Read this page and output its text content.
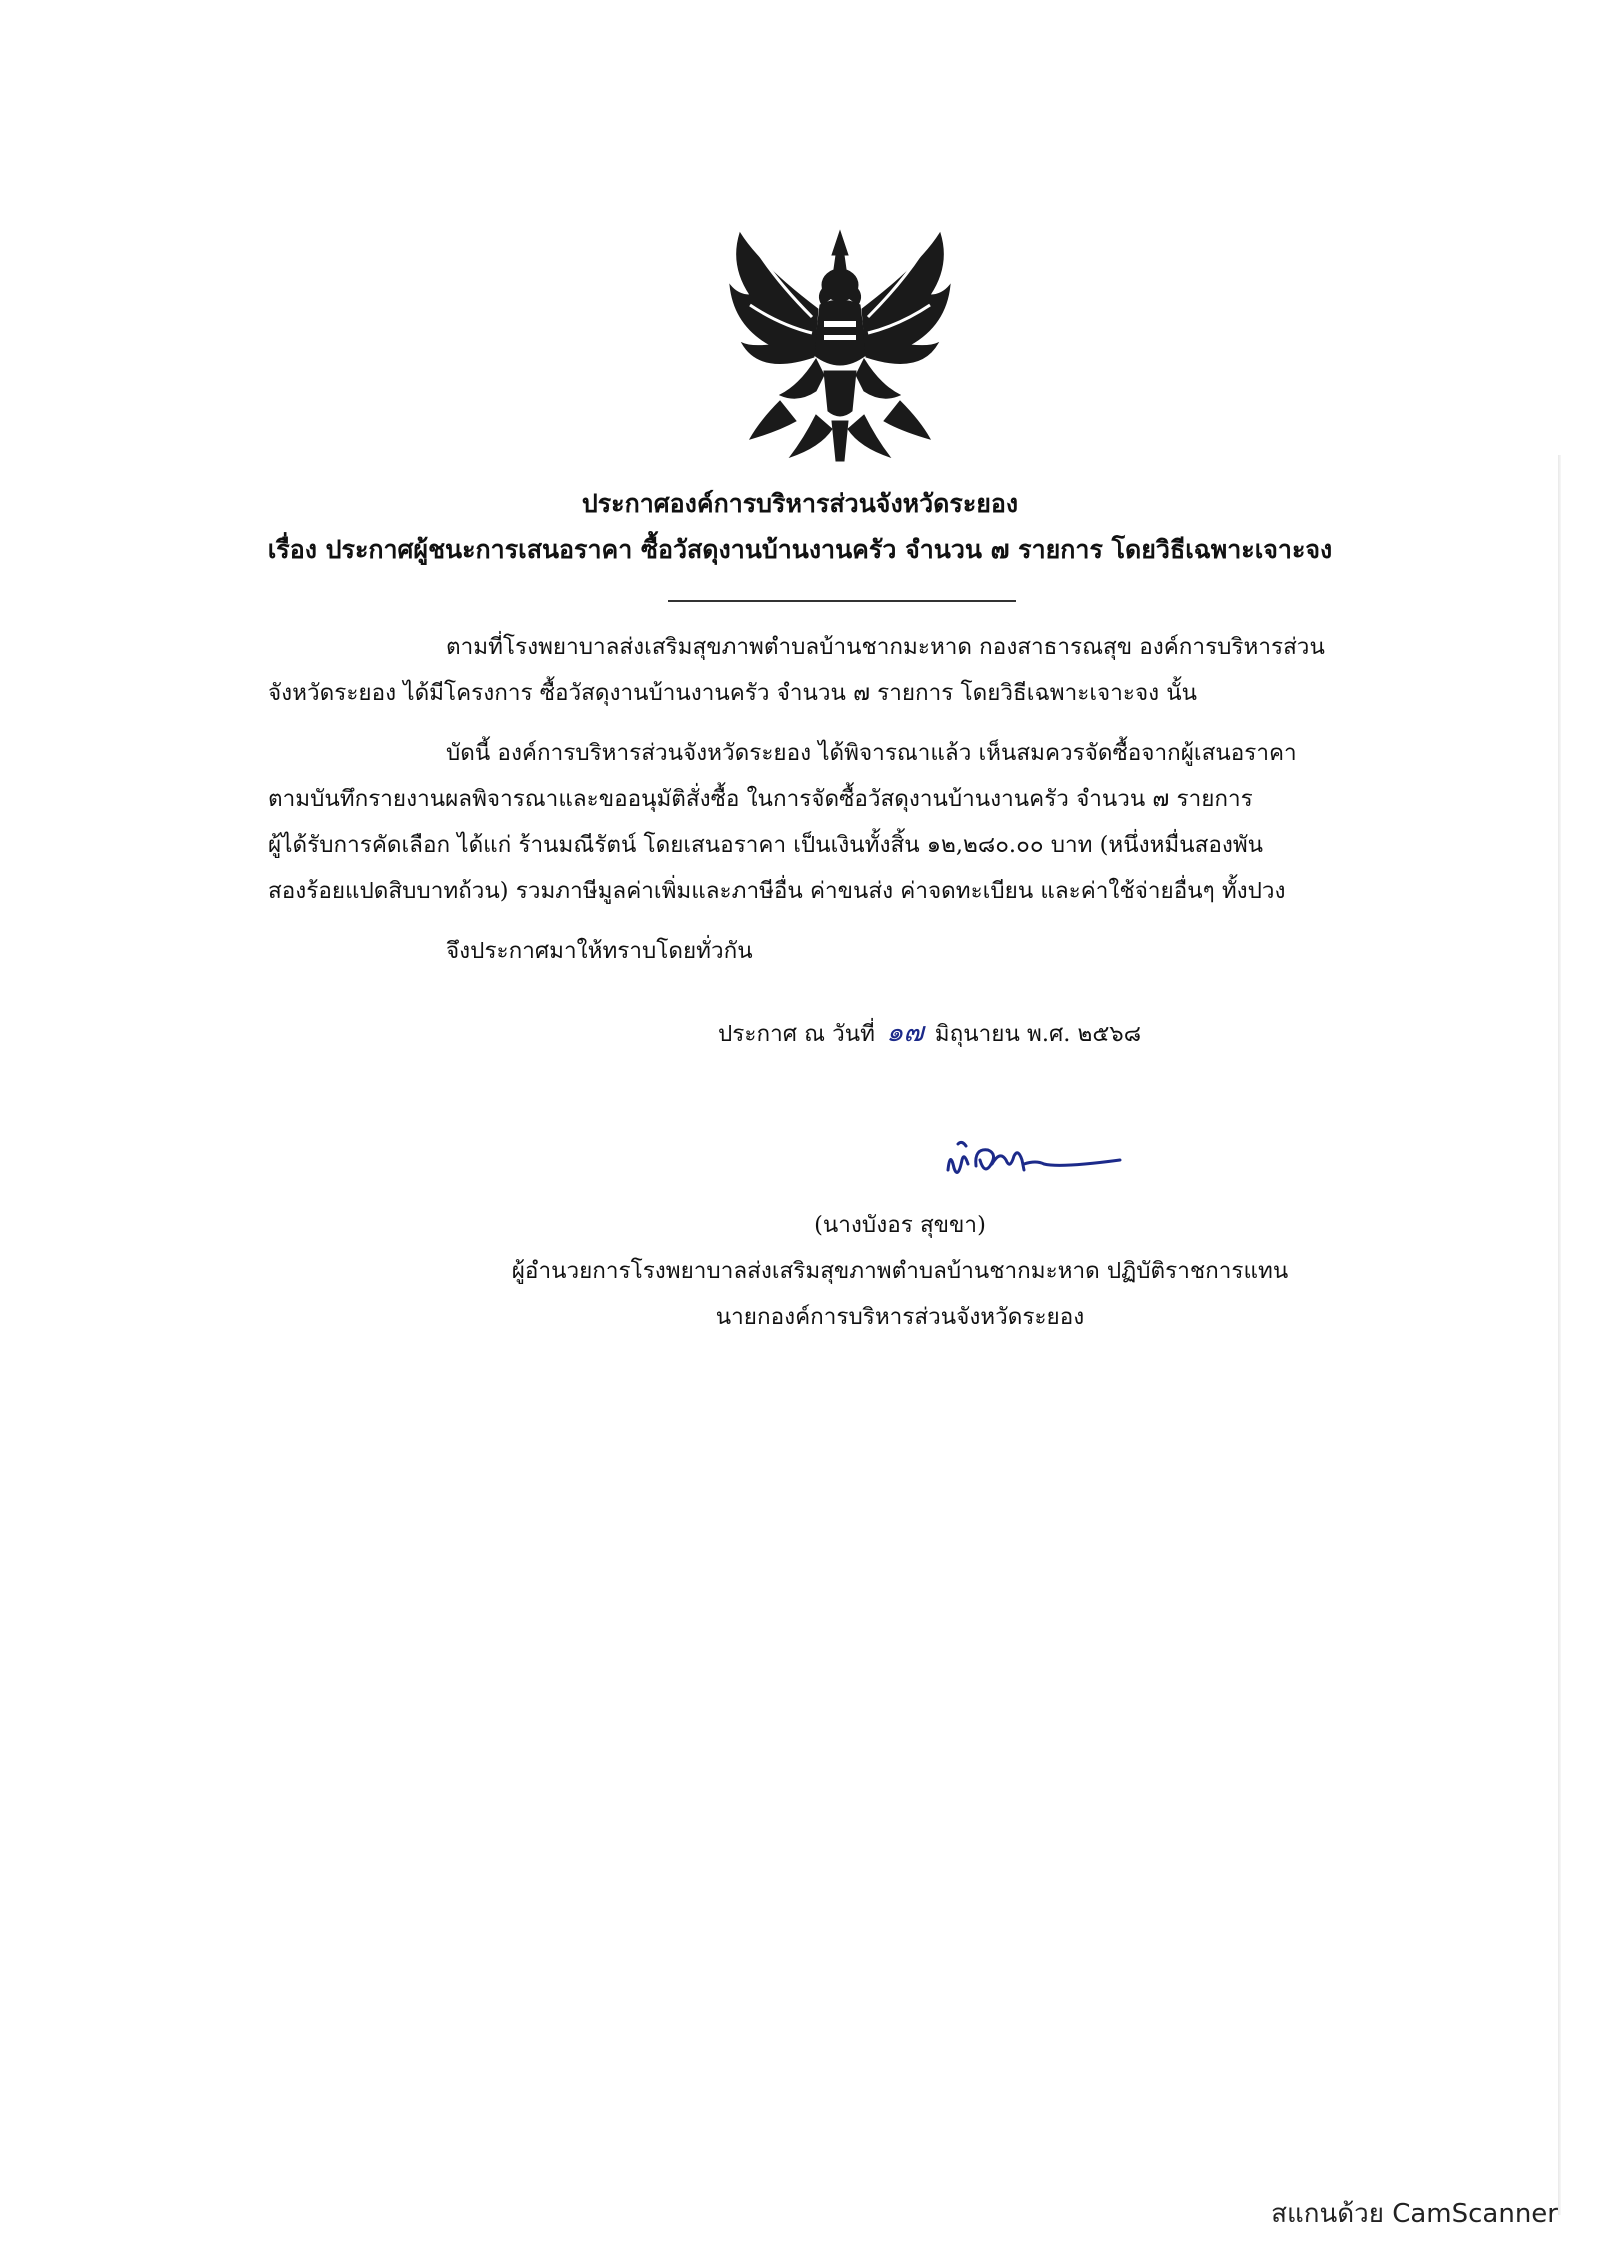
ประกาศองค์การบริหารส่วนจังหวัดระยอง
เรื่อง ประกาศผู้ชนะการเสนอราคา ซื้อวัสดุงานบ้านงานครัว จำนวน ๗ รายการ โดยวิธีเฉพาะเจาะจง
ตามที่โรงพยาบาลส่งเสริมสุขภาพตำบลบ้านชากมะหาด กองสาธารณสุข องค์การบริหารส่วน
จังหวัดระยอง ได้มีโครงการ ซื้อวัสดุงานบ้านงานครัว จำนวน ๗ รายการ โดยวิธีเฉพาะเจาะจง นั้น
บัดนี้ องค์การบริหารส่วนจังหวัดระยอง ได้พิจารณาแล้ว เห็นสมควรจัดซื้อจากผู้เสนอราคา
ตามบันทึกรายงานผลพิจารณาและขออนุมัติสั่งซื้อ ในการจัดซื้อวัสดุงานบ้านงานครัว จำนวน ๗ รายการ
ผู้ได้รับการคัดเลือก ได้แก่ ร้านมณีรัตน์ โดยเสนอราคา เป็นเงินทั้งสิ้น ๑๒,๒๘๐.๐๐ บาท (หนึ่งหมื่นสองพัน
สองร้อยแปดสิบบาทถ้วน) รวมภาษีมูลค่าเพิ่มและภาษีอื่น ค่าขนส่ง ค่าจดทะเบียน และค่าใช้จ่ายอื่นๆ ทั้งปวง
จึงประกาศมาให้ทราบโดยทั่วกัน
ประกาศ ณ วันที่ ๑๗ มิถุนายน พ.ศ. ๒๕๖๘
(นางบังอร สุขขา)
ผู้อำนวยการโรงพยาบาลส่งเสริมสุขภาพตำบลบ้านชากมะหาด ปฏิบัติราชการแทน
นายกองค์การบริหารส่วนจังหวัดระยอง
สแกนด้วย CamScanner
